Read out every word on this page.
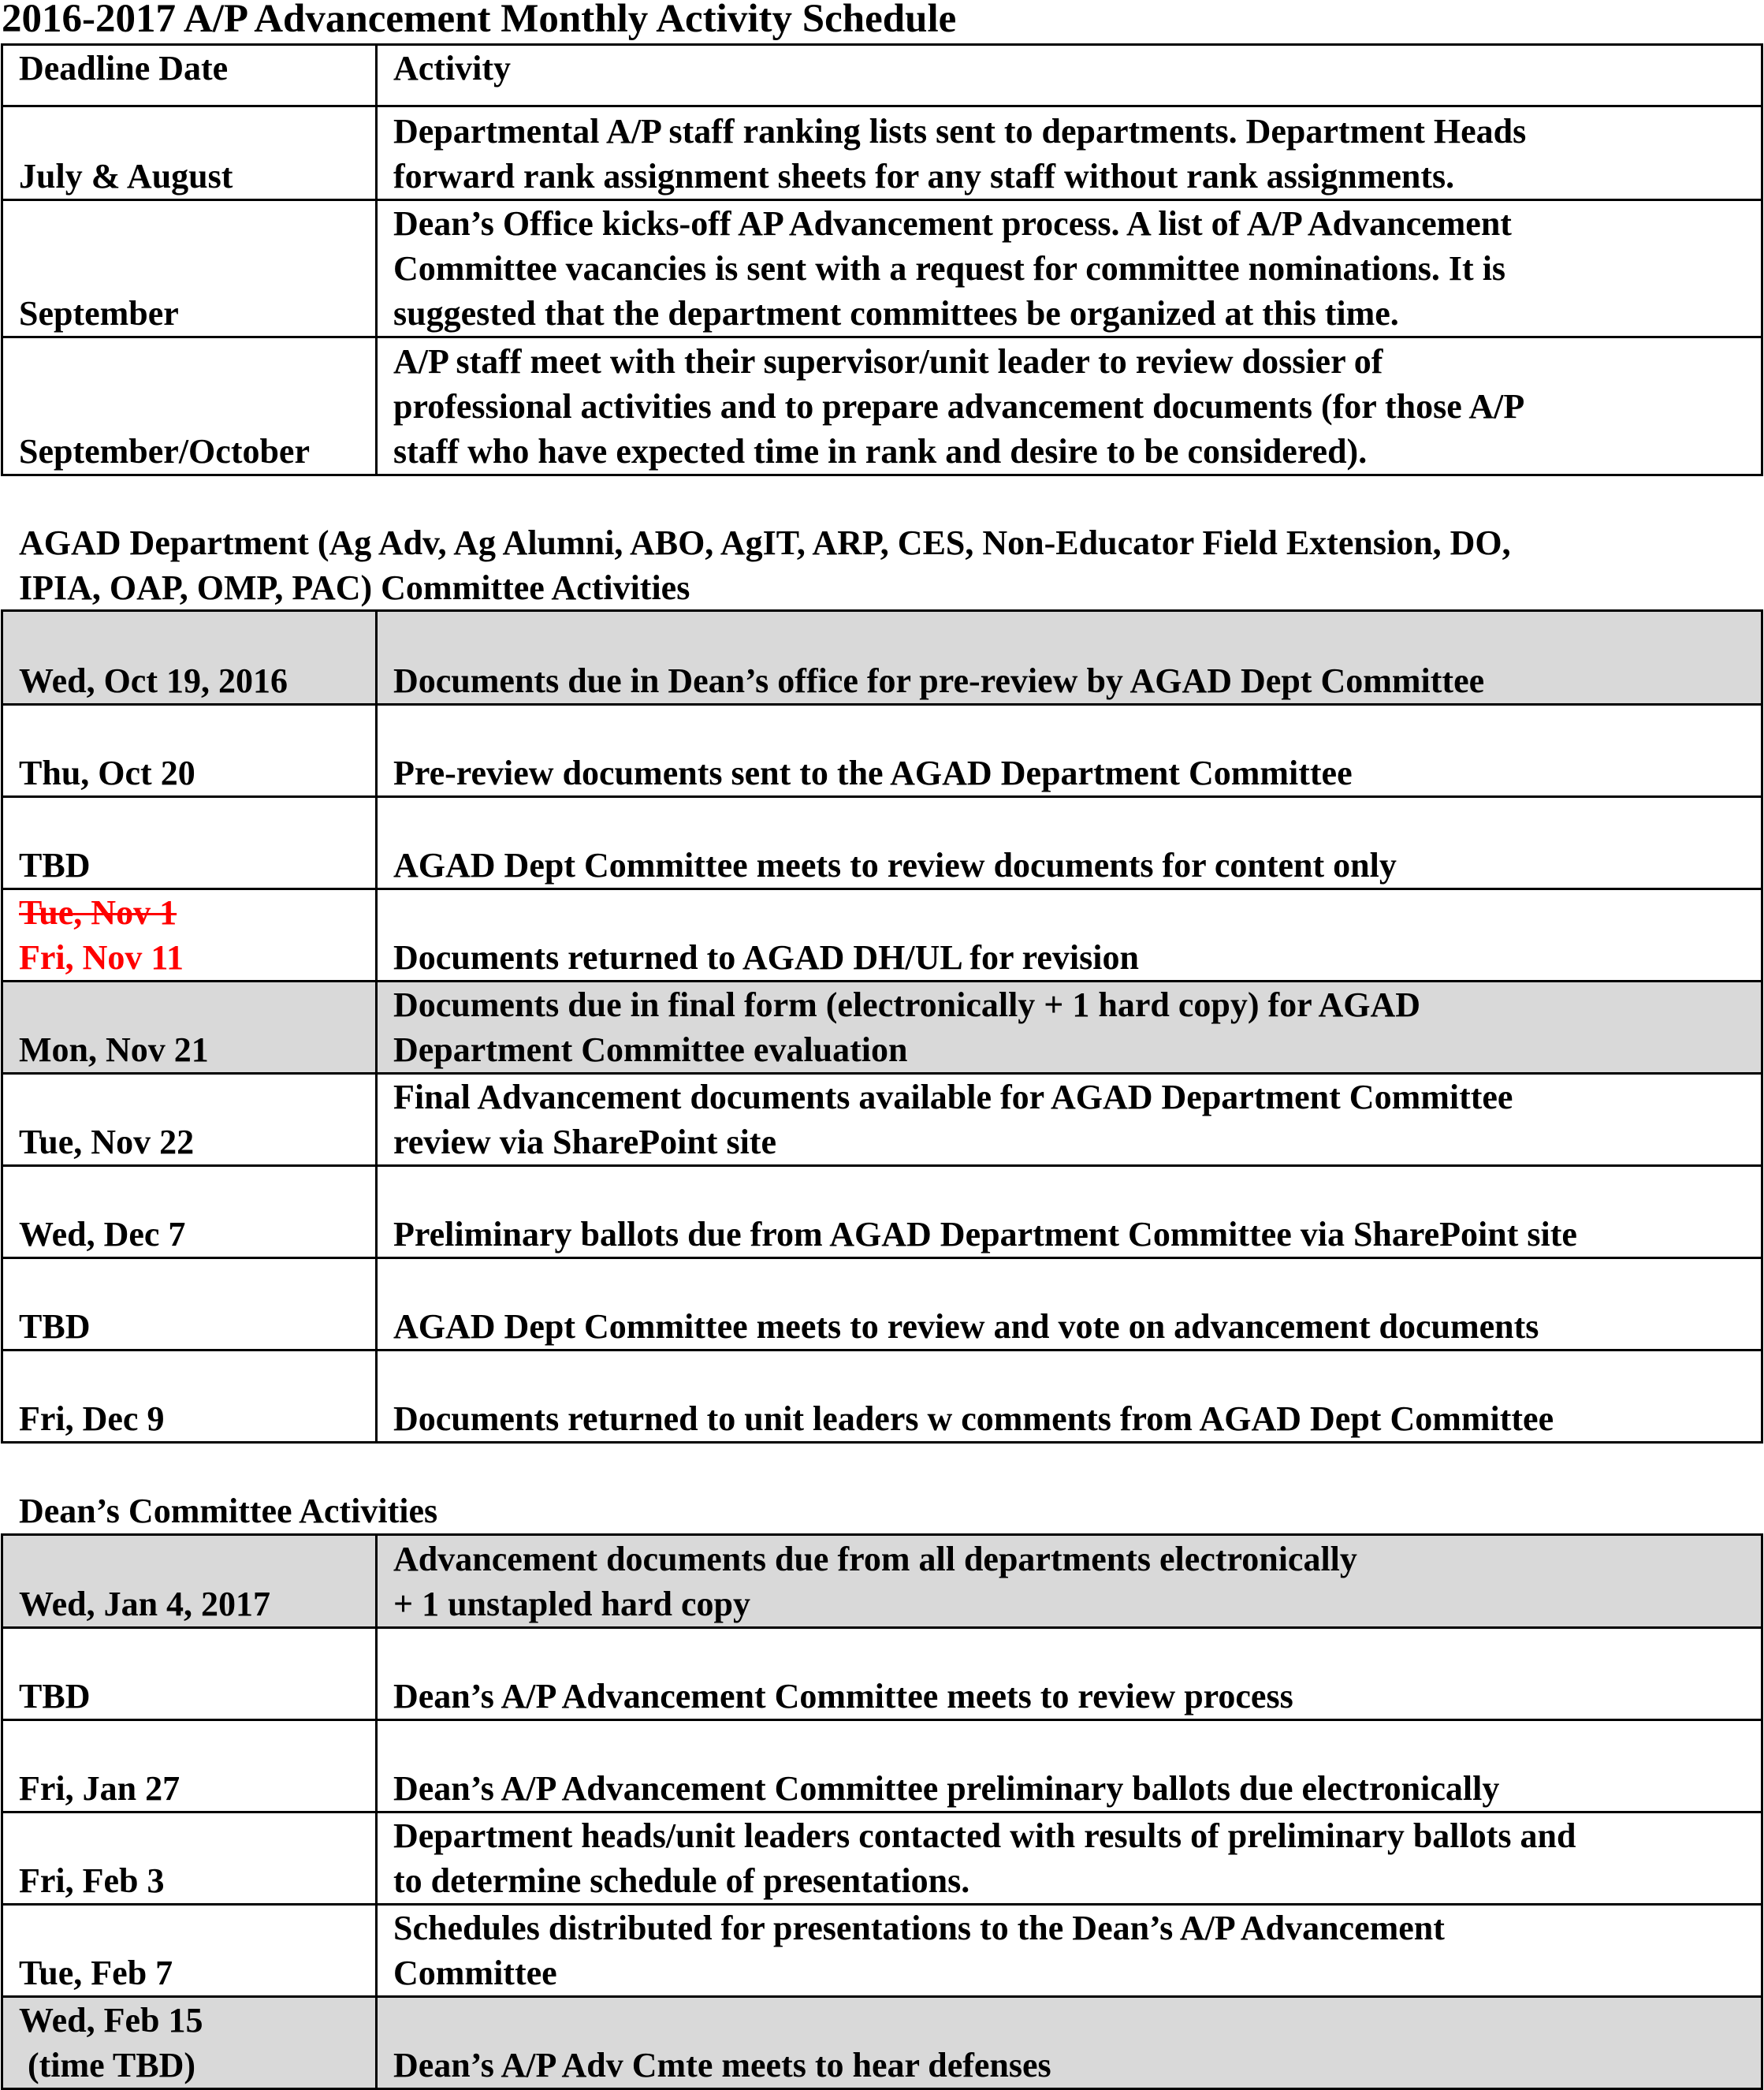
2016-2017 A/P Advancement Monthly Activity Schedule
Deadline Date	Activity

July & August	Departmental A/P staff ranking lists sent to departments. Department Heads
forward rank assignment sheets for any staff without rank assignments.

September	Dean’s Office kicks-off AP Advancement process. A list of A/P Advancement
Committee vacancies is sent with a request for committee nominations. It is
suggested that the department committees be organized at this time.

September/October	A/P staff meet with their supervisor/unit leader to review dossier of
professional activities and to prepare advancement documents (for those A/P
staff who have expected time in rank and desire to be considered).
AGAD Department (Ag Adv, Ag Alumni, ABO, AgIT, ARP, CES, Non-Educator Field Extension, DO,
IPIA, OAP, OMP, PAC) Committee Activities
Wed, Oct 19, 2016	Documents due in Dean’s office for pre-review by AGAD Dept Committee

Thu, Oct 20	Pre-review documents sent to the AGAD Department Committee

TBD	AGAD Dept Committee meets to review documents for content only

Tue, Nov 1
Fri, Nov 11	Documents returned to AGAD DH/UL for revision

Mon, Nov 21	Documents due in final form (electronically + 1 hard copy) for AGAD
Department Committee evaluation

Tue, Nov 22	Final Advancement documents available for AGAD Department Committee
review via SharePoint site

Wed, Dec 7	Preliminary ballots due from AGAD Department Committee via SharePoint site

TBD	AGAD Dept Committee meets to review and vote on advancement documents

Fri, Dec 9	Documents returned to unit leaders w comments from AGAD Dept Committee
Dean’s Committee Activities
Wed, Jan 4, 2017	Advancement documents due from all departments electronically
+ 1 unstapled hard copy

TBD	Dean’s A/P Advancement Committee meets to review process

Fri, Jan 27	Dean’s A/P Advancement Committee preliminary ballots due electronically

Fri, Feb 3	Department heads/unit leaders contacted with results of preliminary ballots and
to determine schedule of presentations.

Tue, Feb 7	Schedules distributed for presentations to the Dean’s A/P Advancement
Committee

Wed, Feb 15
(time TBD)	Dean’s A/P Adv Cmte meets to hear defenses
